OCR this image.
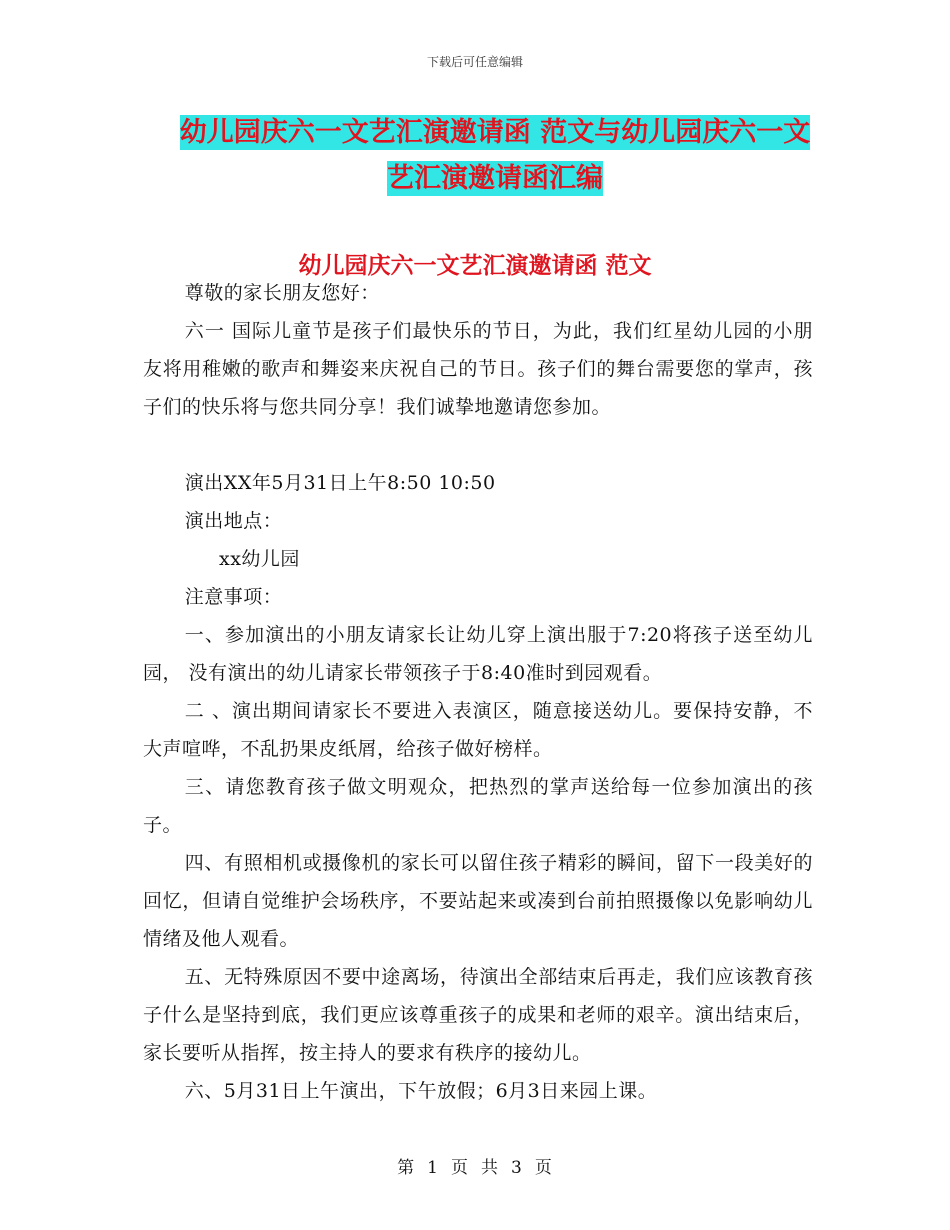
下载后可任意编辑
幼儿园庆六一文艺汇演邀请函 范文与幼儿园庆六一文
艺汇演邀请函汇编
幼儿园庆六一文艺汇演邀请函 范文

尊敬的家长朋友您好：

六一 国际儿童节是孩子们最快乐的节日，为此，我们红星幼儿园的小朋友将用稚嫩的歌声和舞姿来庆祝自己的节日。孩子们的舞台需要您的掌声，孩子们的快乐将与您共同分享！我们诚挚地邀请您参加。

演出XX年5月31日上午8:50 10:50

演出地点：

xx幼儿园

注意事项：

一、参加演出的小朋友请家长让幼儿穿上演出服于7:20将孩子送至幼儿园， 没有演出的幼儿请家长带领孩子于8:40准时到园观看。

二 、演出期间请家长不要进入表演区，随意接送幼儿。要保持安静，不大声喧哗，不乱扔果皮纸屑，给孩子做好榜样。

三、请您教育孩子做文明观众，把热烈的掌声送给每一位参加演出的孩子。

四、有照相机或摄像机的家长可以留住孩子精彩的瞬间，留下一段美好的回忆，但请自觉维护会场秩序，不要站起来或凑到台前拍照摄像以免影响幼儿情绪及他人观看。

五、无特殊原因不要中途离场，待演出全部结束后再走，我们应该教育孩子什么是坚持到底，我们更应该尊重孩子的成果和老师的艰辛。演出结束后，家长要听从指挥，按主持人的要求有秩序的接幼儿。

六、5月31日上午演出，下午放假；6月3日来园上课。

第 1 页 共 3 页
